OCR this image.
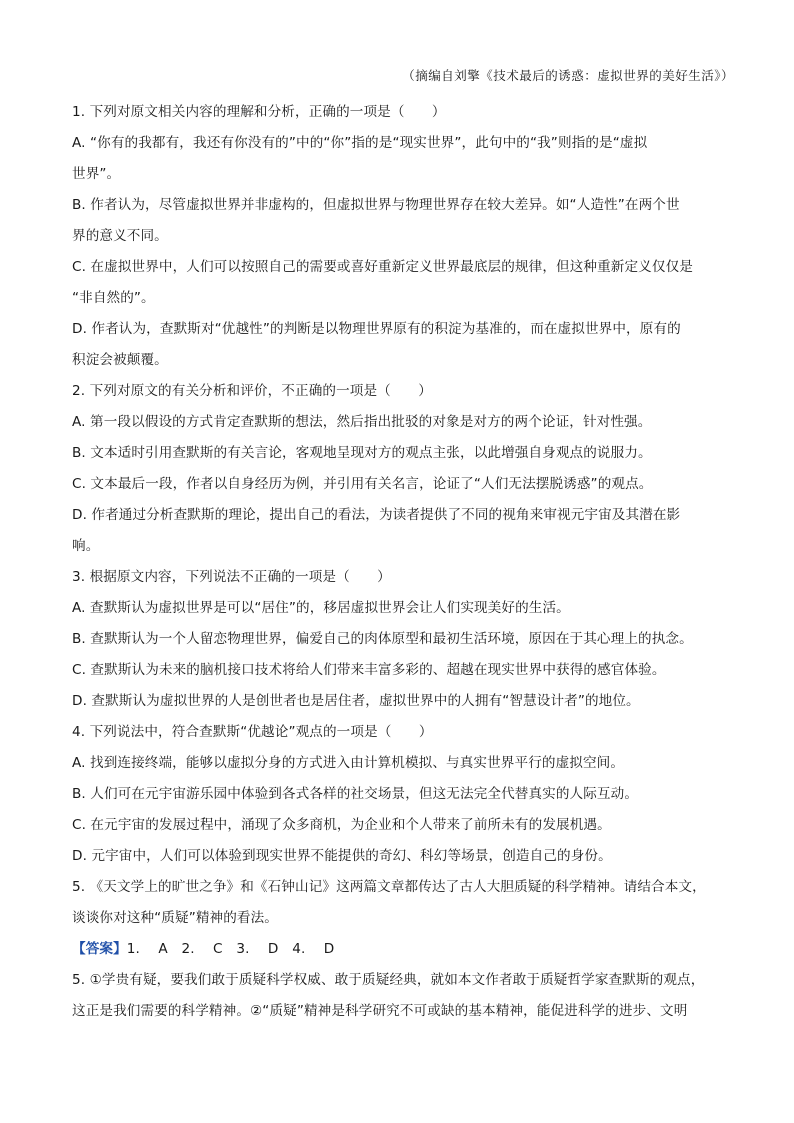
（摘编自刘擎《技术最后的诱惑：虚拟世界的美好生活》）
1. 下列对原文相关内容的理解和分析，正确的一项是（　　）
A. “你有的我都有，我还有你没有的”中的“你”指的是“现实世界”，此句中的“我”则指的是“虚拟
世界”。
B. 作者认为，尽管虚拟世界并非虚构的，但虚拟世界与物理世界存在较大差异。如“人造性”在两个世
界的意义不同。
C. 在虚拟世界中，人们可以按照自己的需要或喜好重新定义世界最底层的规律，但这种重新定义仅仅是
“非自然的”。
D. 作者认为，查默斯对“优越性”的判断是以物理世界原有的积淀为基准的，而在虚拟世界中，原有的
积淀会被颠覆。
2. 下列对原文的有关分析和评价，不正确的一项是（　　）
A. 第一段以假设的方式肯定查默斯的想法，然后指出批驳的对象是对方的两个论证，针对性强。
B. 文本适时引用查默斯的有关言论，客观地呈现对方的观点主张，以此增强自身观点的说服力。
C. 文本最后一段，作者以自身经历为例，并引用有关名言，论证了“人们无法摆脱诱惑”的观点。
D. 作者通过分析查默斯的理论，提出自己的看法，为读者提供了不同的视角来审视元宇宙及其潜在影
响。
3. 根据原文内容，下列说法不正确的一项是（　　）
A. 查默斯认为虚拟世界是可以“居住”的，移居虚拟世界会让人们实现美好的生活。
B. 查默斯认为一个人留恋物理世界，偏爱自己的肉体原型和最初生活环境，原因在于其心理上的执念。
C. 查默斯认为未来的脑机接口技术将给人们带来丰富多彩的、超越在现实世界中获得的感官体验。
D. 查默斯认为虚拟世界的人是创世者也是居住者，虚拟世界中的人拥有“智慧设计者”的地位。
4. 下列说法中，符合查默斯“优越论”观点的一项是（　　）
A. 找到连接终端，能够以虚拟分身的方式进入由计算机模拟、与真实世界平行的虚拟空间。
B. 人们可在元宇宙游乐园中体验到各式各样的社交场景，但这无法完全代替真实的人际互动。
C. 在元宇宙的发展过程中，涌现了众多商机，为企业和个人带来了前所未有的发展机遇。
D. 元宇宙中，人们可以体验到现实世界不能提供的奇幻、科幻等场景，创造自己的身份。
5. 《天文学上的旷世之争》和《石钟山记》这两篇文章都传达了古人大胆质疑的科学精神。请结合本文，
谈谈你对这种“质疑”精神的看法。
【答案】1. A　2. C　3. D　4. D
5. ①学贵有疑，要我们敢于质疑科学权威、敢于质疑经典，就如本文作者敢于质疑哲学家查默斯的观点，
这正是我们需要的科学精神。②“质疑”精神是科学研究不可或缺的基本精神，能促进科学的进步、文明
